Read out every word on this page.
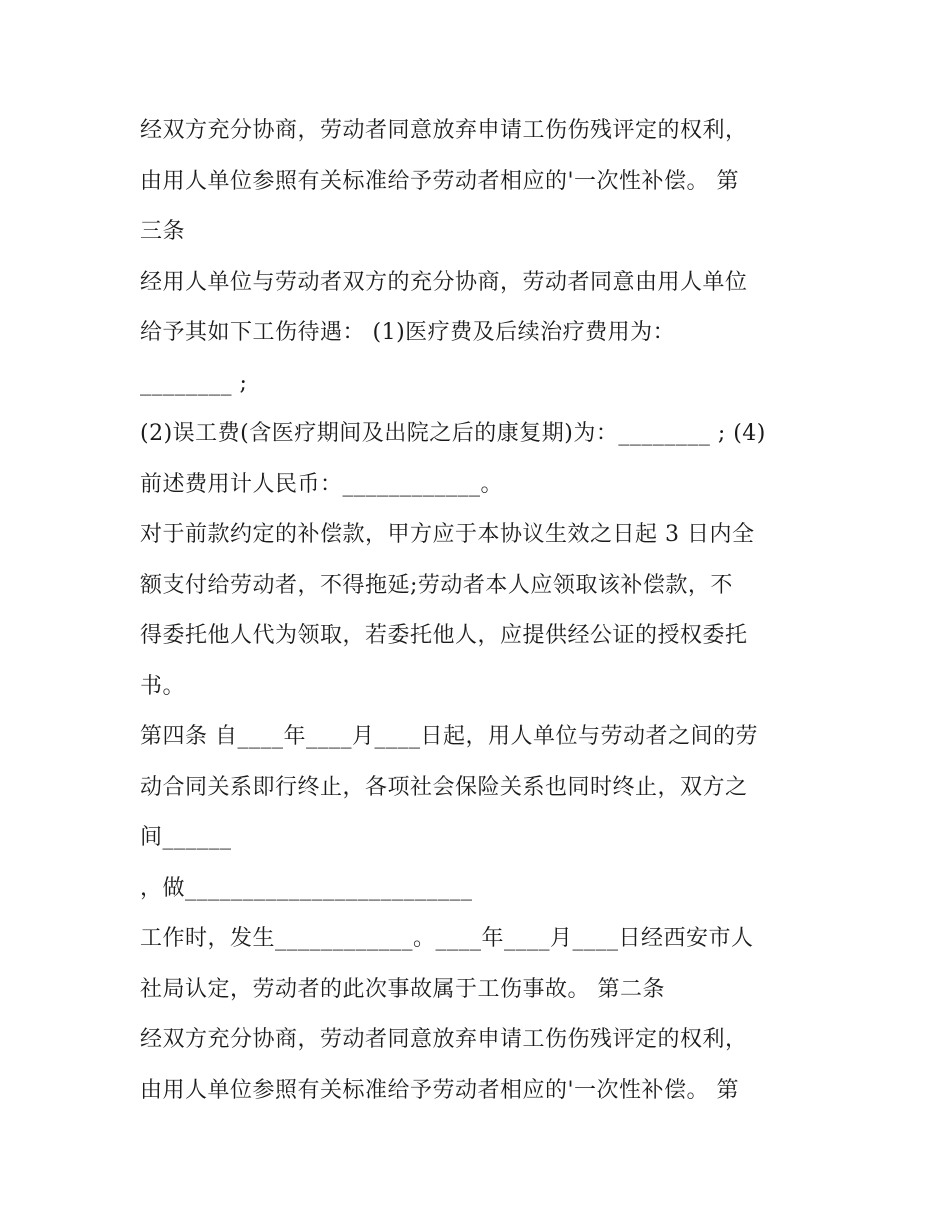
经双方充分协商，劳动者同意放弃申请工伤伤残评定的权利，
由用人单位参照有关标准给予劳动者相应的'一次性补偿。 第
三条
经用人单位与劳动者双方的充分协商，劳动者同意由用人单位
给予其如下工伤待遇： (1)医疗费及后续治疗费用为：
________ ;
(2)误工费(含医疗期间及出院之后的康复期)为：________ ; (4)
前述费用计人民币：____________。
对于前款约定的补偿款，甲方应于本协议生效之日起 3 日内全
额支付给劳动者，不得拖延;劳动者本人应领取该补偿款，不
得委托他人代为领取，若委托他人，应提供经公证的授权委托
书。
第四条 自____年____月____日起，用人单位与劳动者之间的劳
动合同关系即行终止，各项社会保险关系也同时终止，双方之
间______
，做_________________________
工作时，发生____________。____年____月____日经西安市人
社局认定，劳动者的此次事故属于工伤事故。 第二条
经双方充分协商，劳动者同意放弃申请工伤伤残评定的权利，
由用人单位参照有关标准给予劳动者相应的'一次性补偿。 第
